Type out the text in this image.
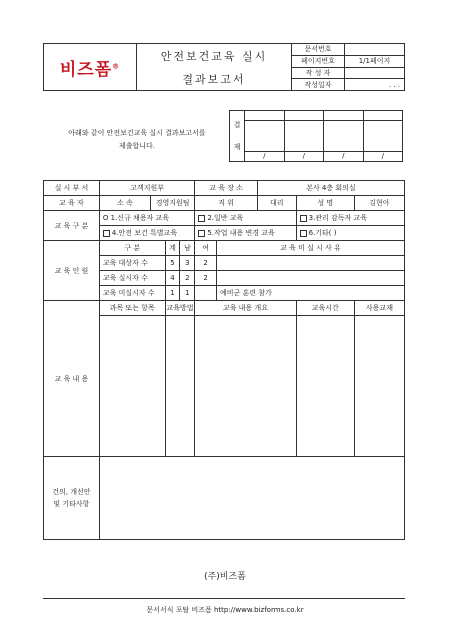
비즈폼®	안전보건교육 실시	문서번호	
		페이지번호	1/1페이지
	결과보고서	작 성 자	
		작성일자	. . .
아래와 같이 안전보건교육 실시 결과보고서를
제출합니다.
결
재				

	/	/	/	/
실 시 부 서	고객지원부				교 육 장 소		본사 4층 회의실		
교 육 자	소 속	경영지원팀			직 위		대리	성 명	김현아
교 육 구 분	O 1.신규 채용자 교육				2.일반 교육			3.관리 감독자 교육	
	4.안전 보건 특별교육				5.작업 내용 변경 교육			6.기타( )	
교 육 인 원	구 분		계	남	여	교 육 미 실 시 사 유			
	교육 대상자 수		5	3	2				
	교육 실시자 수		4	2	2				
	교육 미실시자 수		1	1		예비군 훈련 참가			
교 육 내 용	과목 또는 항목		교육방법		교육 내용 개요			교육시간	사용교재

건의, 개선안
및 기타사항									

(주)비즈폼
문서서식 포탈 비즈폼 http://www.bizforms.co.kr
